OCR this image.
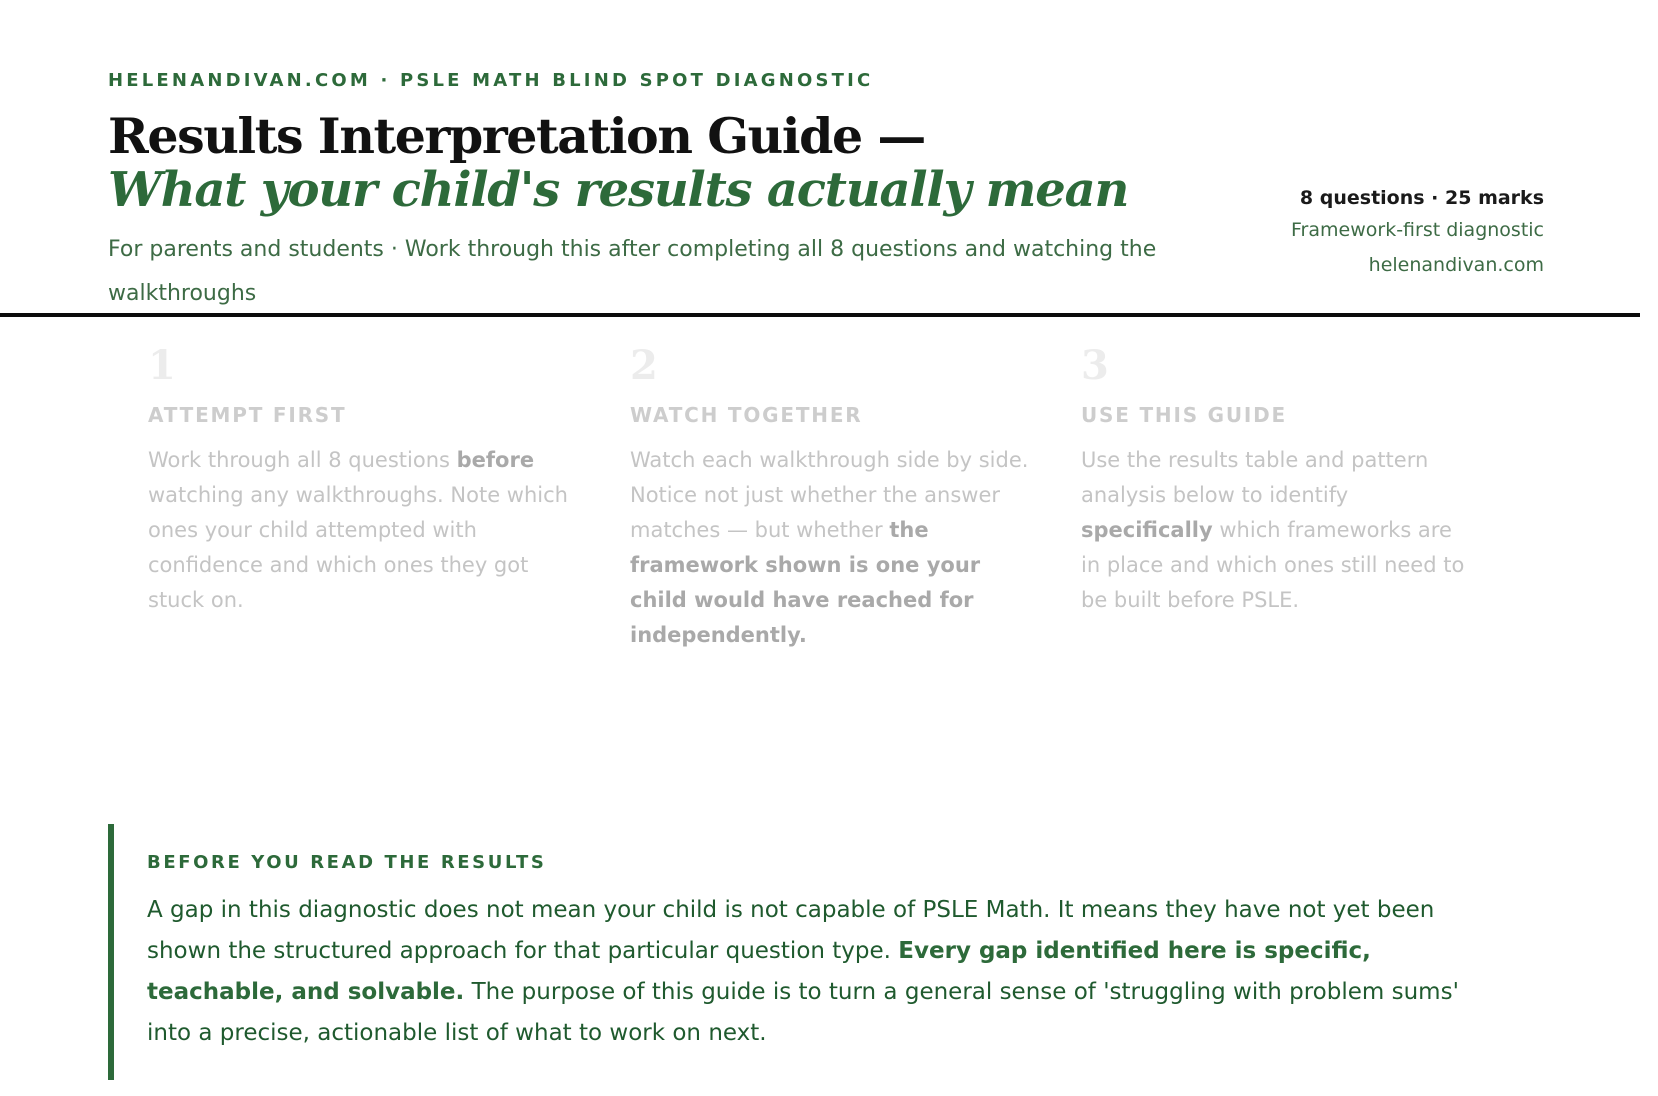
HELENANDIVAN.COM · PSLE MATH BLIND SPOT DIAGNOSTIC

Results Interpretation Guide —
What your child's results actually mean

For parents and students · Work through this after completing all 8 questions and watching the walkthroughs

8 questions · 25 marks
Framework-first diagnostic
helenandivan.com
1
ATTEMPT FIRST

Work through all 8 questions before watching any walkthroughs. Note which ones your child attempted with confidence and which ones they got stuck on.

2
WATCH TOGETHER

Watch each walkthrough side by side. Notice not just whether the answer matches — but whether the framework shown is one your child would have reached for independently.

3
USE THIS GUIDE

Use the results table and pattern analysis below to identify specifically which frameworks are in place and which ones still need to be built before PSLE.

BEFORE YOU READ THE RESULTS

A gap in this diagnostic does not mean your child is not capable of PSLE Math. It means they have not yet been shown the structured approach for that particular question type. Every gap identified here is specific, teachable, and solvable. The purpose of this guide is to turn a general sense of 'struggling with problem sums' into a precise, actionable list of what to work on next.
